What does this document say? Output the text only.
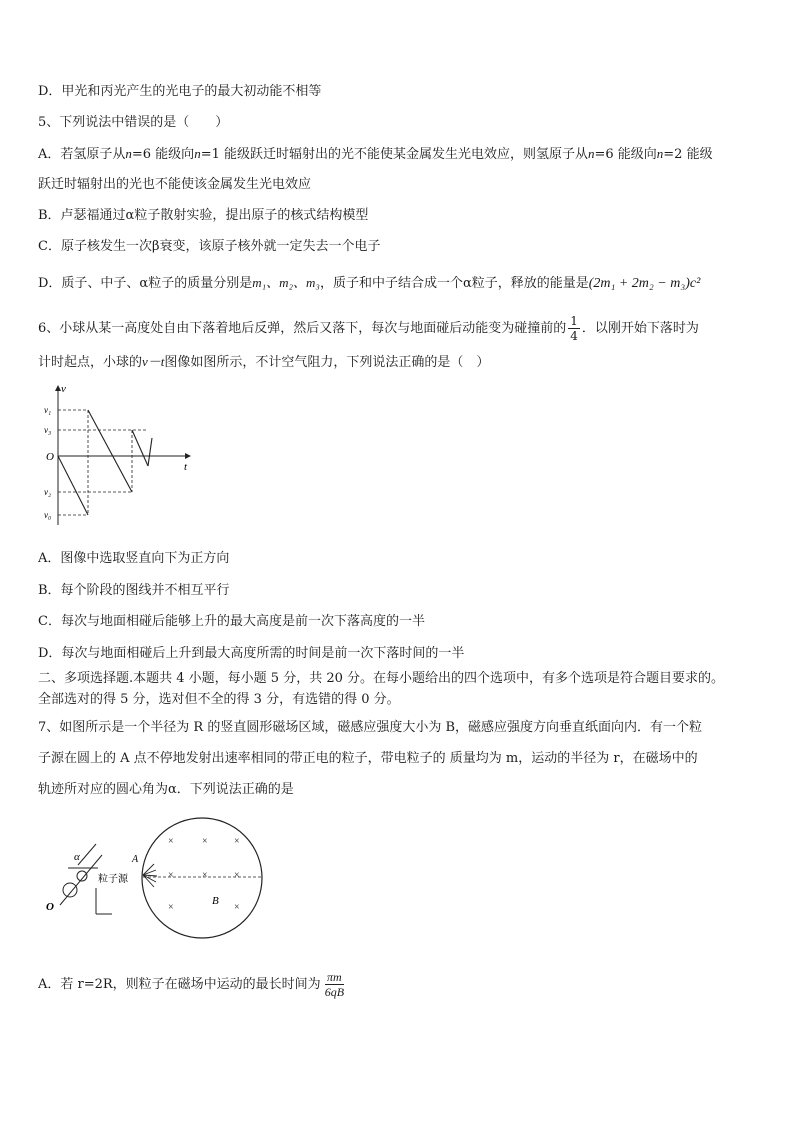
D．甲光和丙光产生的光电子的最大初动能不相等
5、下列说法中错误的是（　　）
A．若氢原子从n=6 能级向n=1 能级跃迁时辐射出的光不能使某金属发生光电效应，则氢原子从n=6 能级向n=2 能级
跃迁时辐射出的光也不能使该金属发生光电效应
B．卢瑟福通过α粒子散射实验，提出原子的核式结构模型
C．原子核发生一次β衰变，该原子核外就一定失去一个电子
D．质子、中子、α粒子的质量分别是m₁、m₂、m₃，质子和中子结合成一个α粒子，释放的能量是(2m₁ + 2m₂ − m₃)c²
6、小球从某一高度处自由下落着地后反弹，然后又落下，每次与地面碰后动能变为碰撞前的 $\frac{1}{4}$ ．以刚开始下落时为
计时起点，小球的v－t图像如图所示，不计空气阻力，下列说法正确的是（　）
v
t
O
v₁
v₃
v₂
v₀
A．图像中选取竖直向下为正方向
B．每个阶段的图线并不相互平行
C．每次与地面相碰后能够上升的最大高度是前一次下落高度的一半
D．每次与地面相碰后上升到最大高度所需的时间是前一次下落时间的一半
二、多项选择题.本题共 4 小题，每小题 5 分，共 20 分。在每小题给出的四个选项中，有多个选项是符合题目要求的。
全部选对的得 5 分，选对但不全的得 3 分，有选错的得 0 分。
7、如图所示是一个半径为 R 的竖直圆形磁场区域，磁感应强度大小为 B，磁感应强度方向垂直纸面向内．有一个粒
子源在圆上的 A 点不停地发射出速率相同的带正电的粒子，带电粒子的 质量均为 m，运动的半径为 r，在磁场中的
轨迹所对应的圆心角为α．下列说法正确的是
×	×	×
×	×	×
×	×
B
A
粒子源
α
O
A．若 r=2R，则粒子在磁场中运动的最长时间为 $\frac{\pi m}{6qB}$
